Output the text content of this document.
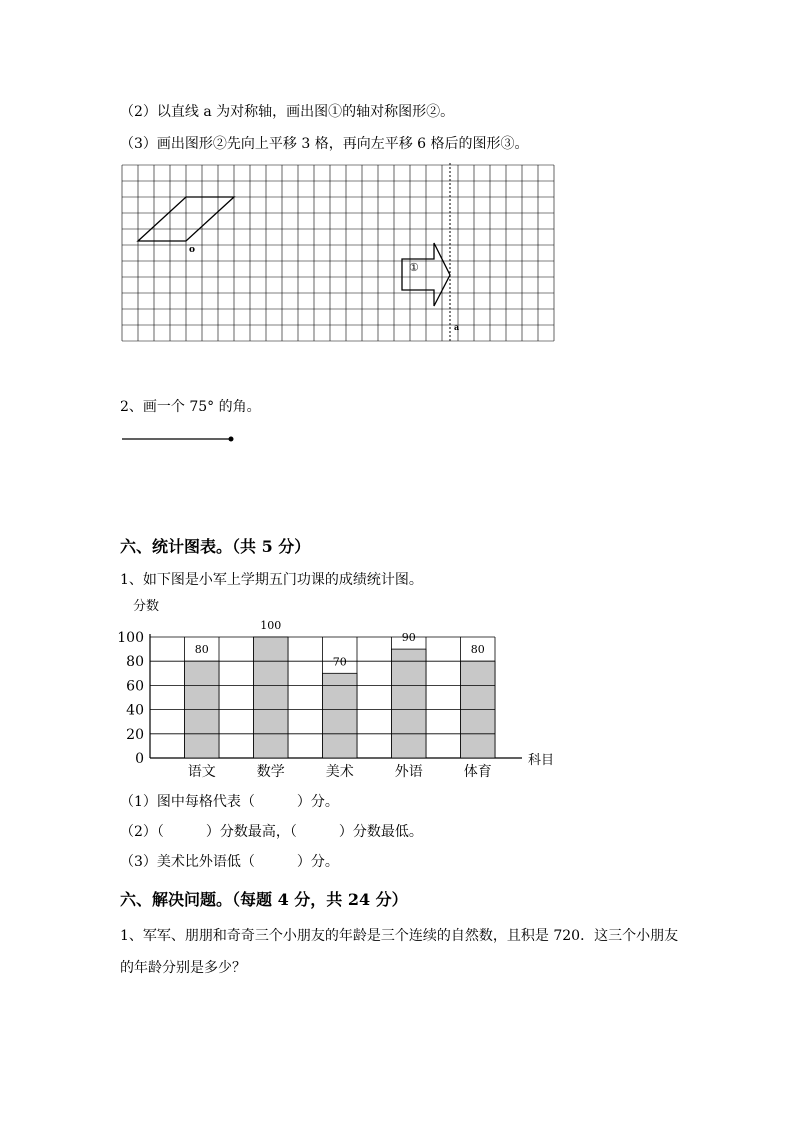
（2）以直线 a 为对称轴，画出图①的轴对称图形②。
（3）画出图形②先向上平移 3 格，再向左平移 6 格后的图形③。
o
①
a
2、画一个 75° 的角。
六、统计图表。（共 5 分）
1、如下图是小军上学期五门功课的成绩统计图。
0
20
40
60
80
100
80
语文
100
数学
70
美术
90
外语
80
体育
分数
科目
（1）图中每格代表（　　　）分。
（2）（　　　）分数最高，（　　　）分数最低。
（3）美术比外语低（　　　）分。
六、解决问题。（每题 4 分，共 24 分）
1、军军、朋朋和奇奇三个小朋友的年龄是三个连续的自然数，且积是 720．这三个小朋友的年龄分别是多少？
